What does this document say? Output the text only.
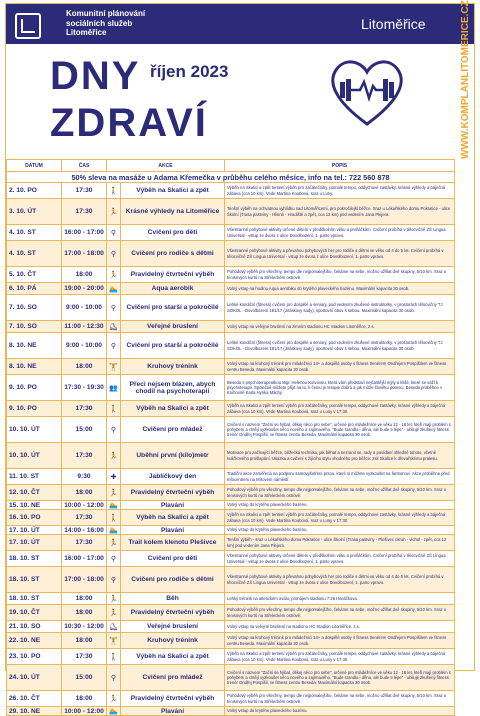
Komunitní plánování
sociálních služeb
Litoměřice
Litoměřice
DNY
ZDRAVÍ
říjen 2023	WWW.KOMPLANLITOMERICE.CZ
DATUM	ČAS	AKCE		POPIS
50% sleva na masáže u Adama Křemečka v průběhu celého měsíce, info na tel.: 722 560 878				
2. 10. PO	17:30	🚶	Výběh na Skalici a zpět	Výběh na Skalici a zpět tentení výběh pro začátečníky, pomalé tempo, oddychové zastávky, krásné výhledy a báječná zábava (cca 10 km). Vede Martina Koubová, sraz u Luny.
3. 10. ÚT	17:30	🏃	Krásné výhledy na Litoměřice	Tenšní výběh na ochvatnou vyhlídku nad Litoměřicemi, pro pokročilejší běžce. Sraz u Lékařského domu Pokratice - ulice Školní (Trasa pastviny - Hlinná - Hradiště a zpět, cca 12 km) pod vedením Jana Plejera.
4. 10. ST	16:00 - 17:00	⚲	Cvičení pro děti	Všestranné pohybové aktivity určené dětem v předškolním věku a prvňáčkům. Cvičení probíhá v tělocvičně ZŠ Lingua Universal - vstup ze dvora z ulice Dovolbození, 1. patro vpravo.
4. 10. ST	17:00 - 18:00	⚲	Cvičení pro rodiče s dětmi	Všestranné pohybové aktivity a převahou pohybových her pro rodiče s dětmi ve věku od 4 do 5 let. Cvičení probíhá v tělocvičně ZŠ Lingua Universal - vstup ze dvora z ulice Dovolbození, 1. patro vpravo.
5. 10. ČT	18:00	🏃	Pravidelný čtvrteční výběh	Pohodový výběh pro všechny, tempo dle nejpomalejšího, čekáme na sebe, možno užíllat dvě skupiny, 5/10 km. Sraz u tenisových kurtů na Střeleckém ostrově.
6. 10. PÁ	19:00 - 20:00	🏊	Aqua aerobik	Volný vstup na hodinu Aqua aerobiku do krytého plaveckého bazénu. Maximální kapacita 30 osob.
7. 10. SO	9:00 - 10:00	⚲	Cvičení pro starší a pokročilé	Lehké kondiční (fitness) cvičení pro dospělé a seniory, pod vedením zkušené instruktorky, v prostorách tělocvičny TJ SOKOL - Dovolbození 191/17 (Jiráskovy sady), sportovní obuv s sebou. Maximální kapacita 30 osob.
7. 10. SO	11:00 - 12:30	⛸	Veřejné bruslení	Volný vstup na veřejné bruslení na zimním stadionu HC Stadion Litoměřice, z.s.
8. 10. NE	9:00 - 10:00	⚲	Cvičení pro starší a pokročilé	Lehké kondiční (fitness) cvičení pro dospělé a seniory, pod vedením zkušené instruktorky, v prostorách tělocvičny TJ SOKOL - Dovolbození 191/17 (Jiráskovy sady), sportovní obuv s sebou. Maximální kapacita 30 osob.
8. 10. NE	18:00	🏋	Kruhový trénink	Volný vstup na kruhový trénink pro mládežnici 14+ a dospělé osoby s fitness trenérem Ondřejem Pospíšilem ve fitness centru Beseda. Maximální kapacita 30 osob.
9. 10. PO	17:30 - 19:30	👥	Přeci nejsem blázen, abych chodil na psychoterapii	Beseda s psychoterapeutkou Mgr. Helenou Kotvovou, která vám představí nejčastější mýty a klišé, které se váží k psychoterapii. Společně můžete přijít na to, k čemu je terapie dobrá a jak může člověku pomoci. Beseda proběhne v Knihovně Karla Hynka Máchy.
9. 10. PO	17:30	🚶	Výběh na Skalici a zpět	Výběh na Skalici a zpět tentení výběh pro začátečníky, pomalé tempo, oddychové zastávky, krásné výhledy a báječná zábava (cca 10 km). Vede Martina Koubová, sraz u Luny v 17:30.
10. 10. ÚT	15:00	⚲	Cvičení pro mládež	Cvičení s názvem "Začni se hýbat, děkej něco pro sebe", určené pro mládežníce ve věku 12 - 18 let, kteří mají problém s pohybem a chtějí vyzkoušet něco nového a zajímavého. "Bude srandla i dřina, ale bude ti lépe" - ubilujé zkušený fitness trenér Ondřej Pospíšil, ve fitness centru Beseda. Maximální kapacita 30 osob.
10. 10. ÚT	17:30	🏃	Uběhni první (kilo)metr	Motivace pro začínající běžce, běžecká technika, jak běhat a nezranit se, rady a povídání ohledně tohoto, včetně kuličkového prošlapání. Ukázka a cvičení s žijícího stylu vhodného pro běžce: zsk Skalice k dřevařskému pralesu.
11. 10. ST	9:30	✚	Jablíčkový den	Tradiční akce zaměřená na podporu samovyšetření prsou, které si můžete vyzkoušet na fantomovi. Akce proběhne před Infocentrem na Mírovém náměstí.
12. 10. ČT	18:00	🏃	Pravidelný čtvrteční výběh	Pohodový výběh pro všechny, tempo dle nejpomalejšího, čekáme na sebe, možno užíllat dvě skupiny, 5/10 km. Sraz u tenisových kurtů na Střeleckém ostrově.
15. 10. NE	10:00 - 12:00	🏊	Plavání	Volný vstup do krytého plaveckého bazénu.
16. 10. PO	17:30	🚶	Výběh na Skalici a zpět	Výběh na Skalici a zpět tentení výběh pro začátečníky, pomalé tempo, oddychové zastávky, krásné výhledy a báječná zábava (cca 10 km). Vede Martina Koubová, sraz u Luny v 17:30.
17. 10. ÚT	14:00 - 16:00	🏊	Plavání	Volný vstup do krytého plaveckého bazénu.
17. 10. ÚT	17:30	🏃	Trail kolem klenotu Plešivce	Tenšní výběh - sraz u Lékařského domu Pokratice - ulice Školní (Trasa pastviny - Plešivec okruh - vichol - zpět, cca 12 km) pod vedením Jana Plejera.
18. 10. ST	16:00 - 17:00	⚲	Cvičení pro děti	Všestranné pohybové aktivity určené dětem v předškolním věku a prvňáčkům. Cvičení probíhá v tělocvičně ZŠ Lingua Universal - vstup ze dvora z ulice Dovolbození, 1. patro vpravo.
18. 10. ST	17:00 - 18:00	⚲	Cvičení pro rodiče s dětmi	Všestranné pohybové aktivity a převahou pohybových her pro rodiče s dětmi ve věku od 4 do 5 let. Cvičení probíhá v tělocvičně ZŠ Lingua Universal - vstup ze dvora z ulice Dovolbození, 1. patro vpravo.
18. 10. ST	18:00	🏃	Běh	Lehký trénink na atletickém oválu, pronájem stadionu 7:25 Hanličkova.
19. 10. ČT	18:00	🏃	Pravidelný čtvrteční výběh	Pohodový výběh pro všechny, tempo dle nejpomalejšího, čekáme na sebe, možno užíllat dvě skupiny, 5/10 km. Sraz u tenisových kurtů na Střeleckém ostrově.
21. 10. SO	10:30 - 12:00	⛸	Veřejné bruslení	Volný vstup na veřejné bruslení na stadionu HC Stadion Litoměřice, z.s.
22. 10. NE	18:00	🏋	Kruhový trénink	Volný vstup na kruhový trénink pro mládežnici 14+ a dospělé osoby s fitness trenérem Ondřejem Pospíšilem ve fitness centru Beseda. Maximální kapacita 30 osob.
23. 10. PO	17:30	🚶	Výběh na Skalici a zpět	Výběh na Skalici a zpět tentení výběh pro začátečníky, pomalé tempo, oddychové zastávky, krásné výhledy a báječná zábava (cca 10 km). Vede Martina Koubová, sraz u Luny v 17:30.
24. 10. ÚT	15:00	⚲	Cvičení pro mládež	Cvičení s názvem "Začni se hýbat, děkej něco pro sebe", určené pro mládežníce ve věku 12 - 18 let, kteří mají problém s pohybem a chtějí vyzkoušet něco nového a zajímavého. "Bude srandla i dřina, ale bude ti lépe" - ubilujé zkušený fitness trenér Ondřej Pospíšil, ve fitness centru Beseda. Maximální kapacita 30 osob.
26. 10. ČT	18:00	🏃	Pravidelný čtvrteční výběh	Pohodový výběh pro všechny, tempo dle nejpomalejšího, čekáme na sebe, možno užíllat dvě skupiny, 5/10 km. Sraz u tenisových kurtů na Střeleckém ostrově.
29. 10. NE	10:00 - 12:00	🏊	Plavání	Volný vstup do krytého plaveckého bazénu.
